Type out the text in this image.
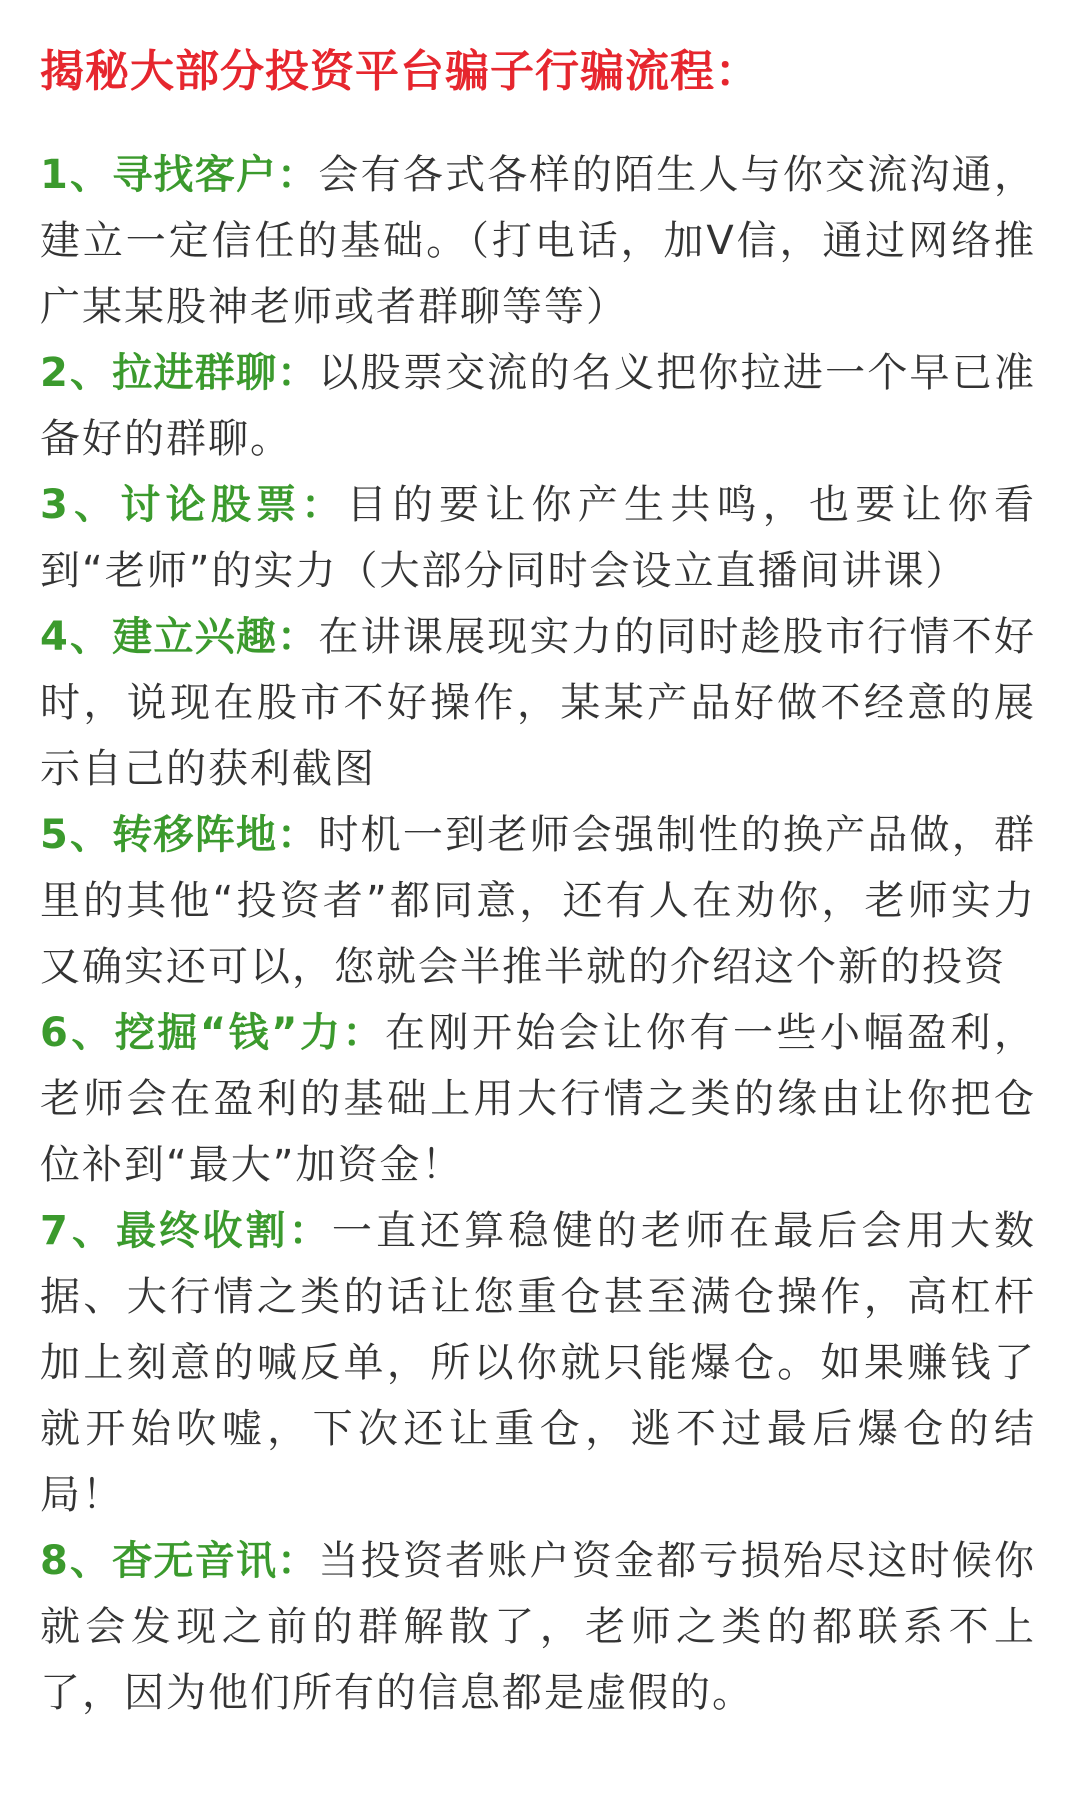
揭秘大部分投资平台骗子行骗流程：

1、寻找客户：会有各式各样的陌生人与你交流沟通，建立一定信任的基础。（打电话，加V信，通过网络推广某某股神老师或者群聊等等）

2、拉进群聊：以股票交流的名义把你拉进一个早已准备好的群聊。

3、讨论股票：目的要让你产生共鸣，也要让你看到“老师”的实力（大部分同时会设立直播间讲课）

4、建立兴趣：在讲课展现实力的同时趁股市行情不好时，说现在股市不好操作，某某产品好做不经意的展示自己的获利截图

5、转移阵地：时机一到老师会强制性的换产品做，群里的其他“投资者”都同意，还有人在劝你，老师实力又确实还可以，您就会半推半就的介绍这个新的投资

6、挖掘“钱”力：在刚开始会让你有一些小幅盈利，老师会在盈利的基础上用大行情之类的缘由让你把仓位补到“最大”加资金！

7、最终收割：一直还算稳健的老师在最后会用大数据、大行情之类的话让您重仓甚至满仓操作，高杠杆加上刻意的喊反单，所以你就只能爆仓。如果赚钱了就开始吹嘘，下次还让重仓，逃不过最后爆仓的结局！

8、杳无音讯：当投资者账户资金都亏损殆尽这时候你就会发现之前的群解散了，老师之类的都联系不上了，因为他们所有的信息都是虚假的。
